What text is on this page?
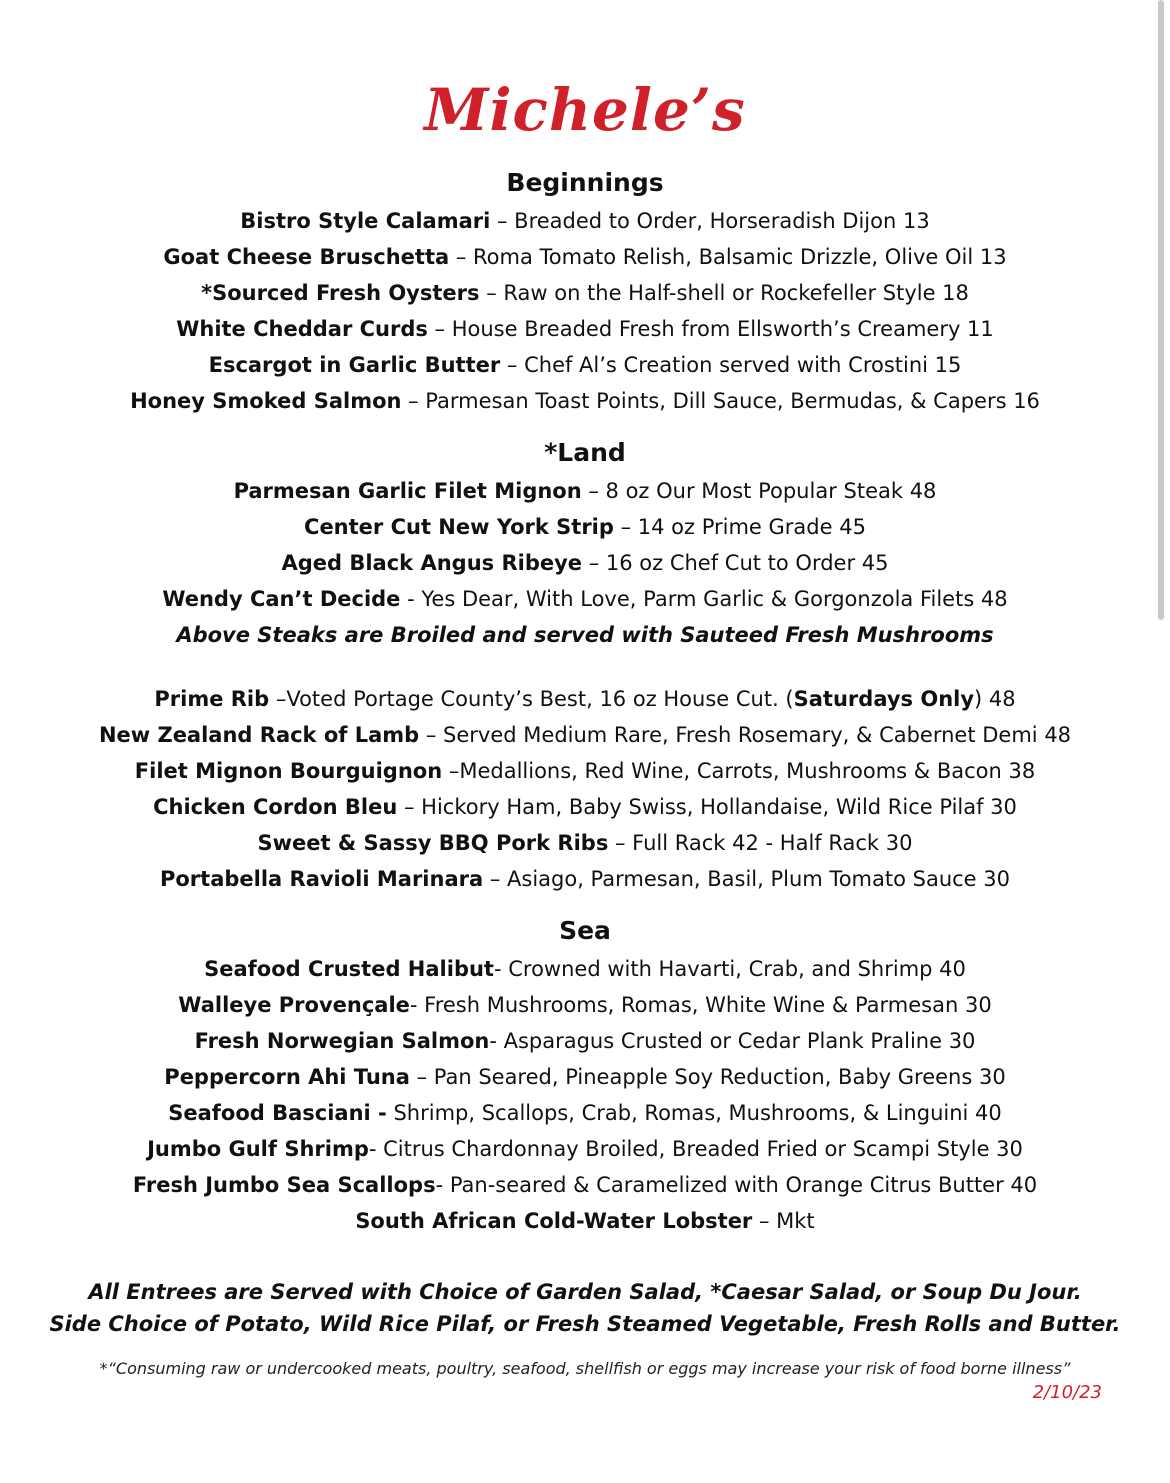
Michele’s
Beginnings
Bistro Style Calamari – Breaded to Order, Horseradish Dijon 13
Goat Cheese Bruschetta – Roma Tomato Relish, Balsamic Drizzle, Olive Oil 13
*Sourced Fresh Oysters – Raw on the Half-shell or Rockefeller Style 18
White Cheddar Curds – House Breaded Fresh from Ellsworth’s Creamery 11
Escargot in Garlic Butter – Chef Al’s Creation served with Crostini 15
Honey Smoked Salmon – Parmesan Toast Points, Dill Sauce, Bermudas, & Capers 16
*Land
Parmesan Garlic Filet Mignon – 8 oz Our Most Popular Steak 48
Center Cut New York Strip – 14 oz Prime Grade 45
Aged Black Angus Ribeye – 16 oz Chef Cut to Order 45
Wendy Can’t Decide - Yes Dear, With Love, Parm Garlic & Gorgonzola Filets 48
Above Steaks are Broiled and served with Sauteed Fresh Mushrooms
Prime Rib –Voted Portage County’s Best, 16 oz House Cut. (Saturdays Only) 48
New Zealand Rack of Lamb – Served Medium Rare, Fresh Rosemary, & Cabernet Demi 48
Filet Mignon Bourguignon –Medallions, Red Wine, Carrots, Mushrooms & Bacon 38
Chicken Cordon Bleu – Hickory Ham, Baby Swiss, Hollandaise, Wild Rice Pilaf 30
Sweet & Sassy BBQ Pork Ribs – Full Rack 42 - Half Rack 30
Portabella Ravioli Marinara – Asiago, Parmesan, Basil, Plum Tomato Sauce 30
Sea
Seafood Crusted Halibut- Crowned with Havarti, Crab, and Shrimp 40
Walleye Provençale- Fresh Mushrooms, Romas, White Wine & Parmesan 30
Fresh Norwegian Salmon- Asparagus Crusted or Cedar Plank Praline 30
Peppercorn Ahi Tuna – Pan Seared, Pineapple Soy Reduction, Baby Greens 30
Seafood Basciani - Shrimp, Scallops, Crab, Romas, Mushrooms, & Linguini 40
Jumbo Gulf Shrimp- Citrus Chardonnay Broiled, Breaded Fried or Scampi Style 30
Fresh Jumbo Sea Scallops- Pan-seared & Caramelized with Orange Citrus Butter 40
South African Cold-Water Lobster – Mkt
All Entrees are Served with Choice of Garden Salad, *Caesar Salad, or Soup Du Jour.
Side Choice of Potato, Wild Rice Pilaf, or Fresh Steamed Vegetable, Fresh Rolls and Butter.
*“Consuming raw or undercooked meats, poultry, seafood, shellfish or eggs may increase your risk of food borne illness”
2/10/23
